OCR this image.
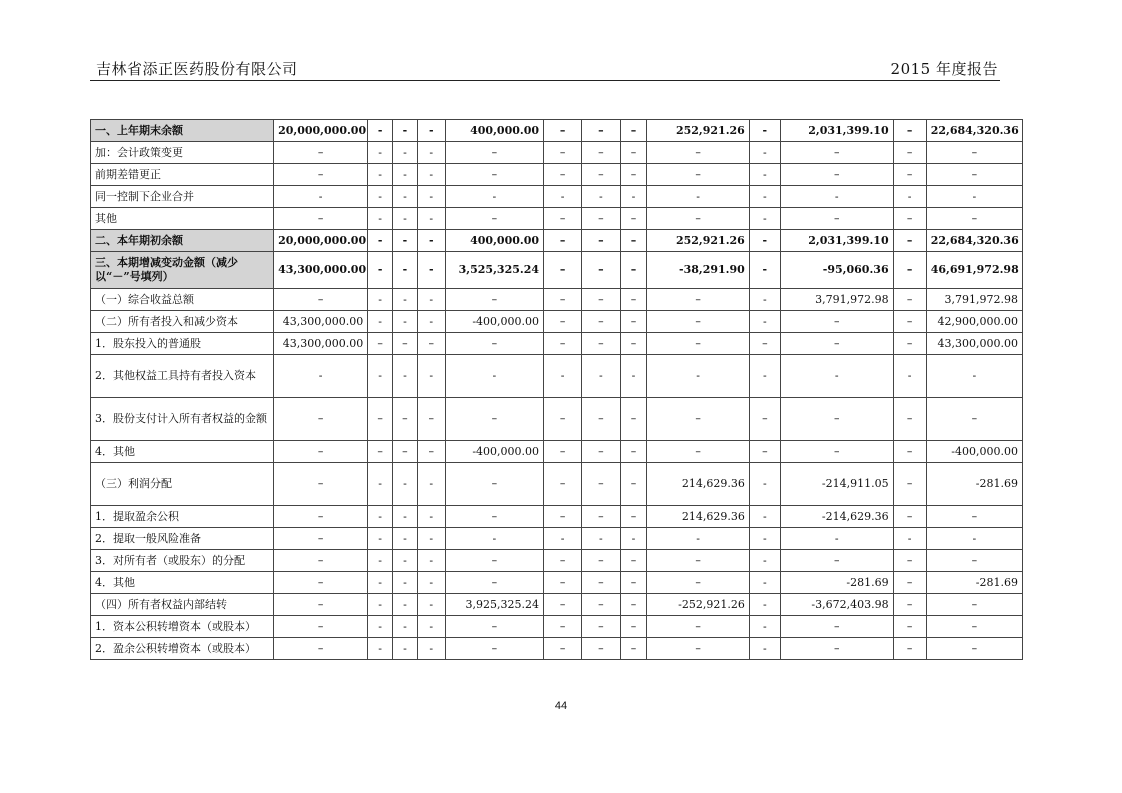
吉林省添正医药股份有限公司	2015 年度报告
一、上年期末余额	20,000,000.00	-	-	-	400,000.00	–	–	–	252,921.26	-	2,031,399.10	–	22,684,320.36
加：会计政策变更	–	-	-	-	–	–	–	–	–	-	–	–	–
前期差错更正	–	-	-	-	–	–	–	–	–	-	–	–	–
同一控制下企业合并	-	-	-	-	-	-	-	-	-	-	-	-	-
其他	–	-	-	-	–	–	–	–	–	-	–	–	–
二、本年期初余额	20,000,000.00	-	-	-	400,000.00	–	–	–	252,921.26	-	2,031,399.10	–	22,684,320.36
三、本期增减变动金额（减少以“－”号填列）	43,300,000.00	-	-	-	3,525,325.24	–	–	–	-38,291.90	-	-95,060.36	–	46,691,972.98
（一）综合收益总额	–	-	-	-	–	–	–	–	–	-	3,791,972.98	–	3,791,972.98
（二）所有者投入和减少资本	43,300,000.00	-	-	-	-400,000.00	–	–	–	–	-	–	–	42,900,000.00
1．股东投入的普通股	43,300,000.00	–	–	–	–	–	–	–	–	–	–	–	43,300,000.00
2．其他权益工具持有者投入资本	-	-	-	-	-	-	-	-	-	-	-	-	-
3．股份支付计入所有者权益的金额	–	–	–	–	–	–	–	–	–	–	–	–	–
4．其他	–	–	–	–	-400,000.00	–	–	–	–	–	–	–	-400,000.00
（三）利润分配	–	-	-	-	–	–	–	–	214,629.36	-	-214,911.05	–	-281.69
1．提取盈余公积	–	-	-	-	–	–	–	–	214,629.36	-	-214,629.36	–	–
2．提取一般风险准备	–	-	-	-	-	-	-	-	-	-	-	-	-
3．对所有者（或股东）的分配	–	-	-	-	–	–	–	–	–	-	–	–	–
4．其他	–	-	-	-	–	–	–	–	–	-	-281.69	–	-281.69
（四）所有者权益内部结转	–	-	-	-	3,925,325.24	–	–	–	-252,921.26	-	-3,672,403.98	–	–
1．资本公积转增资本（或股本）	–	-	-	-	–	–	–	–	–	-	–	–	–
2．盈余公积转增资本（或股本）	–	-	-	-	–	–	–	–	–	-	–	–	–
44
